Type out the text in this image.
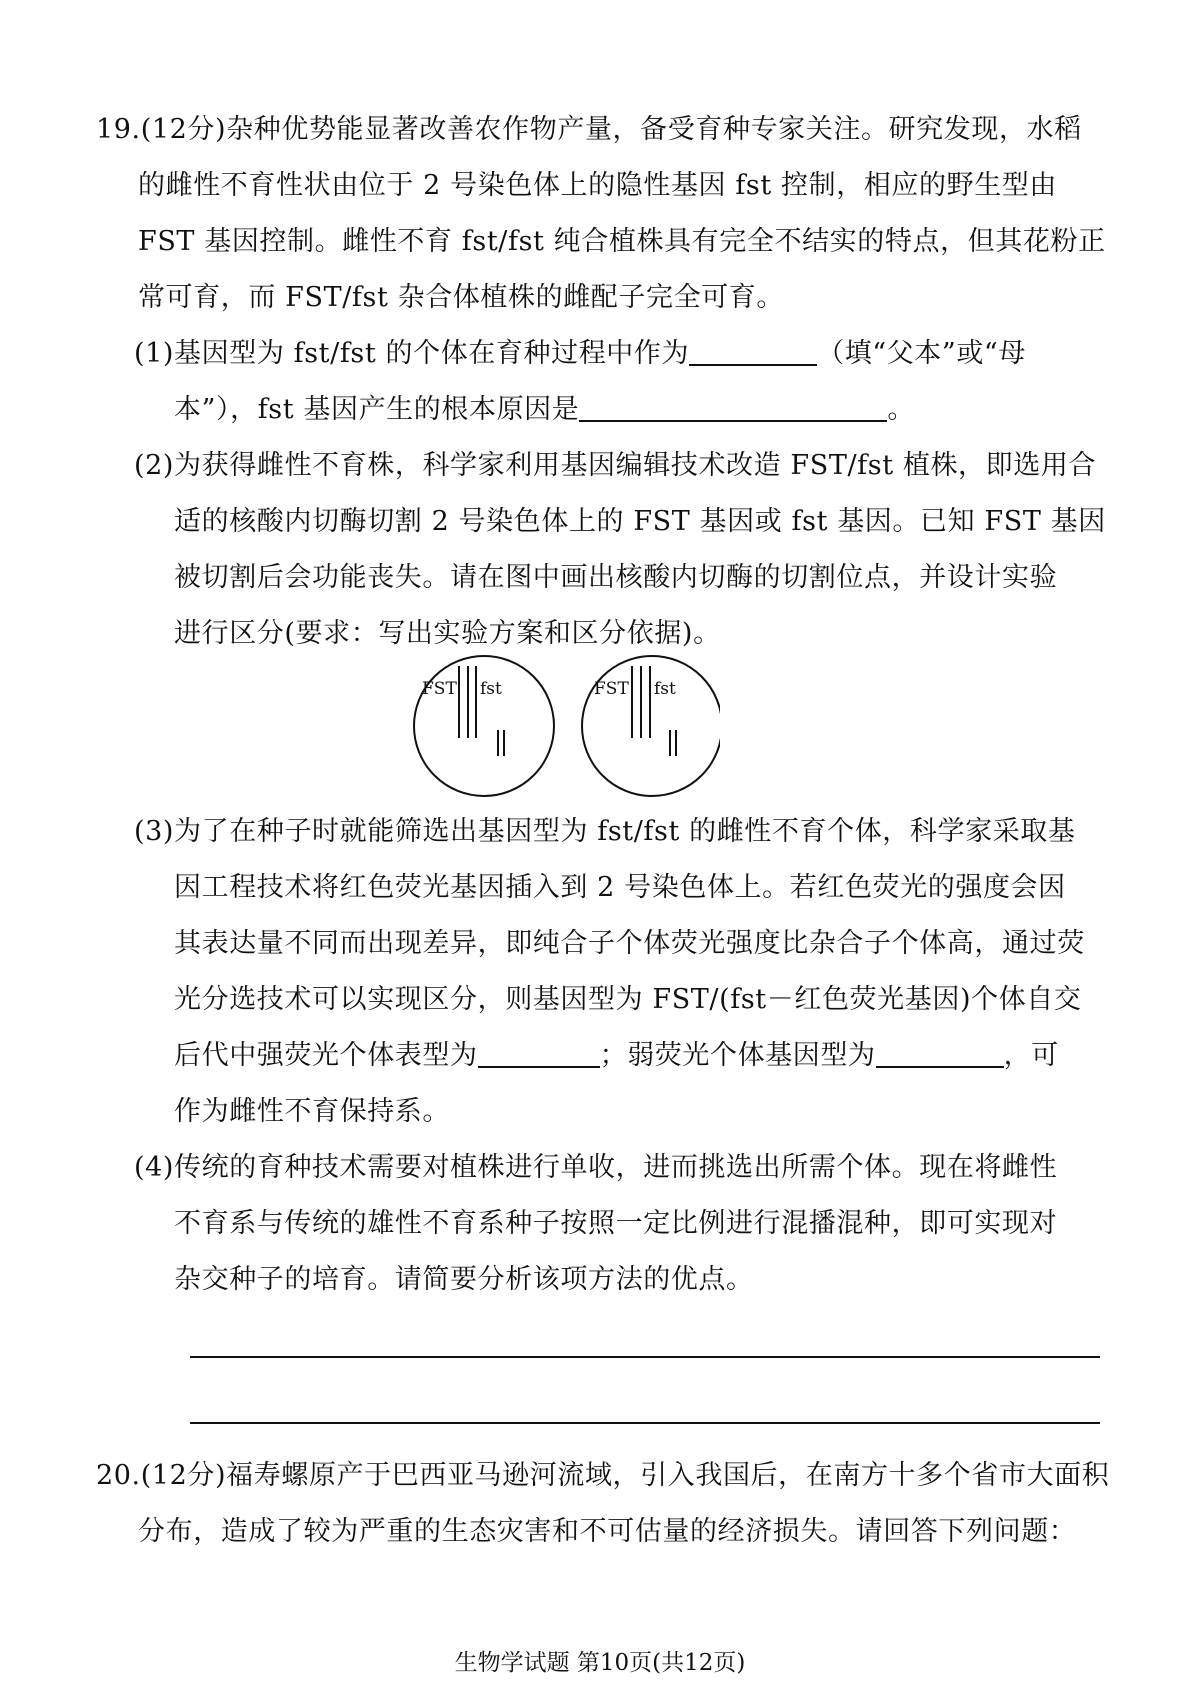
19.(12分)杂种优势能显著改善农作物产量，备受育种专家关注。研究发现，水稻
的雌性不育性状由位于 2 号染色体上的隐性基因 fst 控制，相应的野生型由
FST 基因控制。雌性不育 fst/fst 纯合植株具有完全不结实的特点，但其花粉正
常可育，而 FST/fst 杂合体植株的雌配子完全可育。
(1)基因型为 fst/fst 的个体在育种过程中作为	（填“父本”或“母
本”），fst 基因产生的根本原因是	。
(2)为获得雌性不育株，科学家利用基因编辑技术改造 FST/fst 植株，即选用合
适的核酸内切酶切割 2 号染色体上的 FST 基因或 fst 基因。已知 FST 基因
被切割后会功能丧失。请在图中画出核酸内切酶的切割位点，并设计实验
进行区分(要求：写出实验方案和区分依据)。
FST fst	FST fst
(3)为了在种子时就能筛选出基因型为 fst/fst 的雌性不育个体，科学家采取基
因工程技术将红色荧光基因插入到 2 号染色体上。若红色荧光的强度会因
其表达量不同而出现差异，即纯合子个体荧光强度比杂合子个体高，通过荧
光分选技术可以实现区分，则基因型为 FST/(fst－红色荧光基因)个体自交
后代中强荧光个体表型为	；弱荧光个体基因型为	，可
作为雌性不育保持系。
(4)传统的育种技术需要对植株进行单收，进而挑选出所需个体。现在将雌性
不育系与传统的雄性不育系种子按照一定比例进行混播混种，即可实现对
杂交种子的培育。请简要分析该项方法的优点。
20.(12分)福寿螺原产于巴西亚马逊河流域，引入我国后，在南方十多个省市大面积
分布，造成了较为严重的生态灾害和不可估量的经济损失。请回答下列问题：
生物学试题 第10页(共12页)
